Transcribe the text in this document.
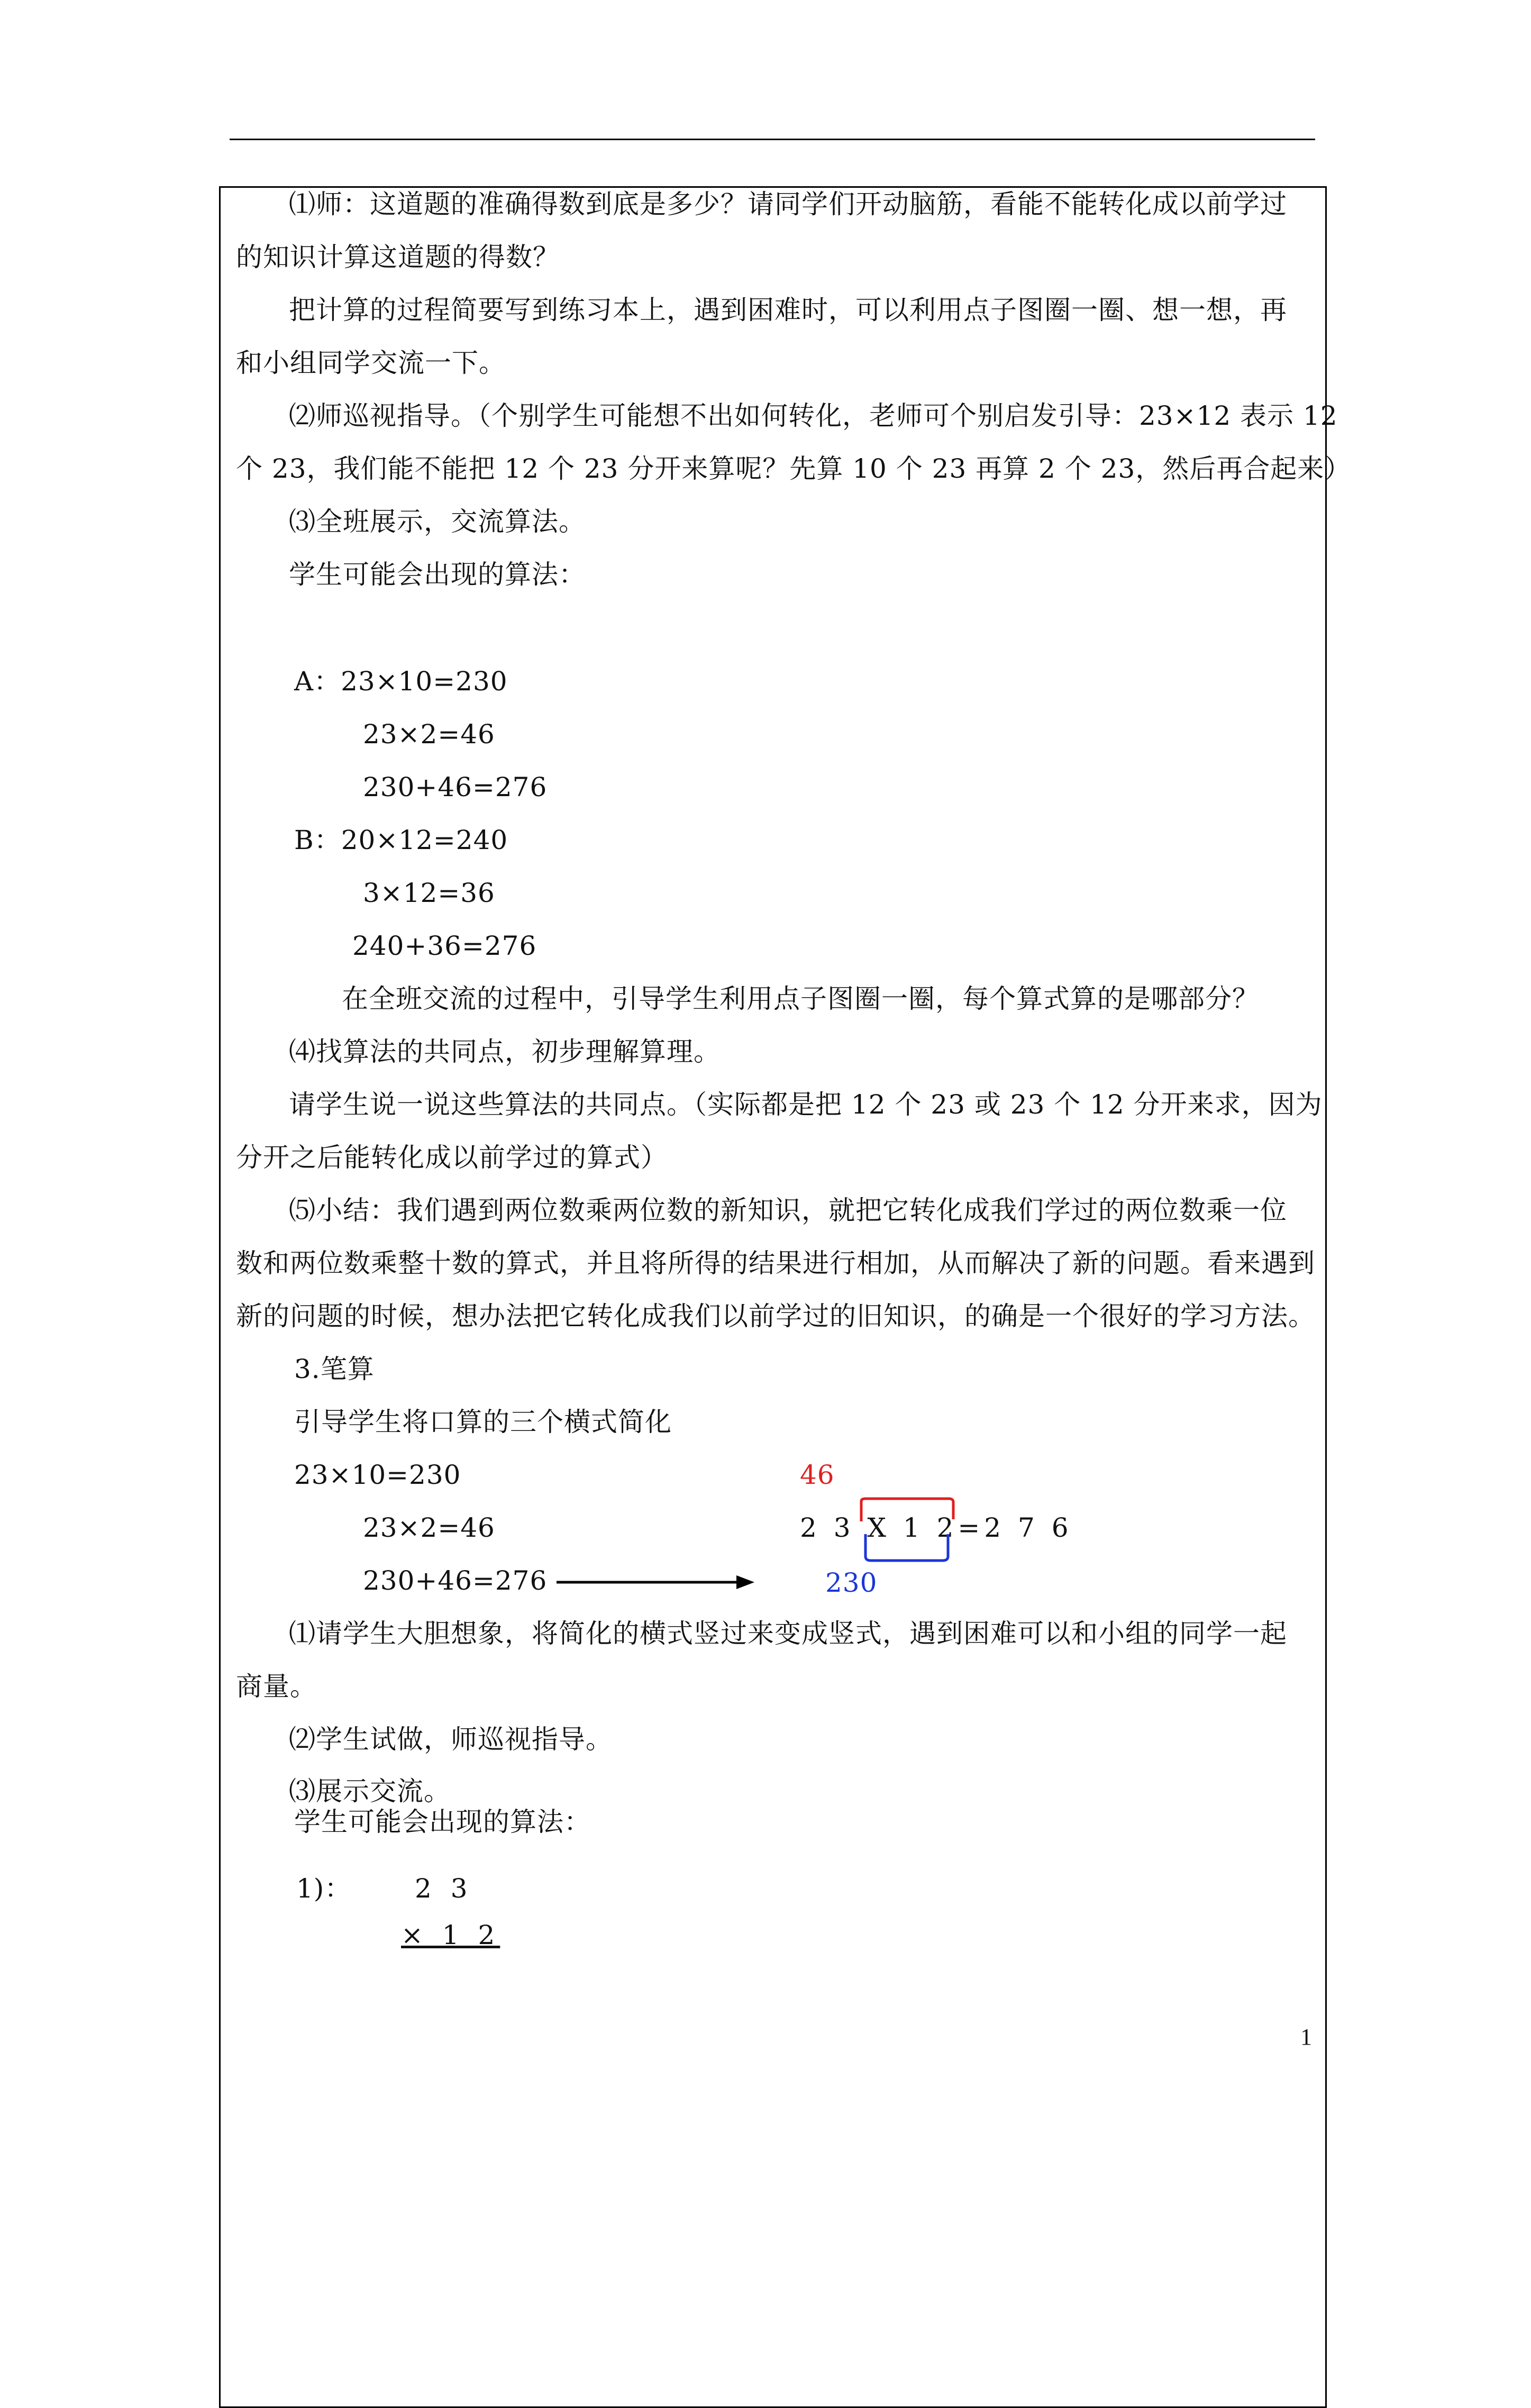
⑴师：这道题的准确得数到底是多少？请同学们开动脑筋，看能不能转化成以前学过
的知识计算这道题的得数？
把计算的过程简要写到练习本上，遇到困难时，可以利用点子图圈一圈、想一想，再
和小组同学交流一下。
⑵师巡视指导。（个别学生可能想不出如何转化，老师可个别启发引导：23×12 表示 12
个 23，我们能不能把 12 个 23 分开来算呢？先算 10 个 23 再算 2 个 23，然后再合起来）
⑶全班展示，交流算法。
学生可能会出现的算法：
A：23×10=230
23×2=46
230+46=276
B：20×12=240
3×12=36
240+36=276
在全班交流的过程中，引导学生利用点子图圈一圈，每个算式算的是哪部分？
⑷找算法的共同点，初步理解算理。
请学生说一说这些算法的共同点。（实际都是把 12 个 23 或 23 个 12 分开来求，因为
分开之后能转化成以前学过的算式）
⑸小结：我们遇到两位数乘两位数的新知识，就把它转化成我们学过的两位数乘一位
数和两位数乘整十数的算式，并且将所得的结果进行相加，从而解决了新的问题。看来遇到
新的问题的时候，想办法把它转化成我们以前学过的旧知识，的确是一个很好的学习方法。
3.笔算
引导学生将口算的三个横式简化
23×10=230
23×2=46
230+46=276
46
2 3 X 1 2=2 7 6
230
⑴请学生大胆想象，将简化的横式竖过来变成竖式，遇到困难可以和小组的同学一起
商量。
⑵学生试做，师巡视指导。
⑶展示交流。
学生可能会出现的算法：
1)： 2 3
× 1 2
1
